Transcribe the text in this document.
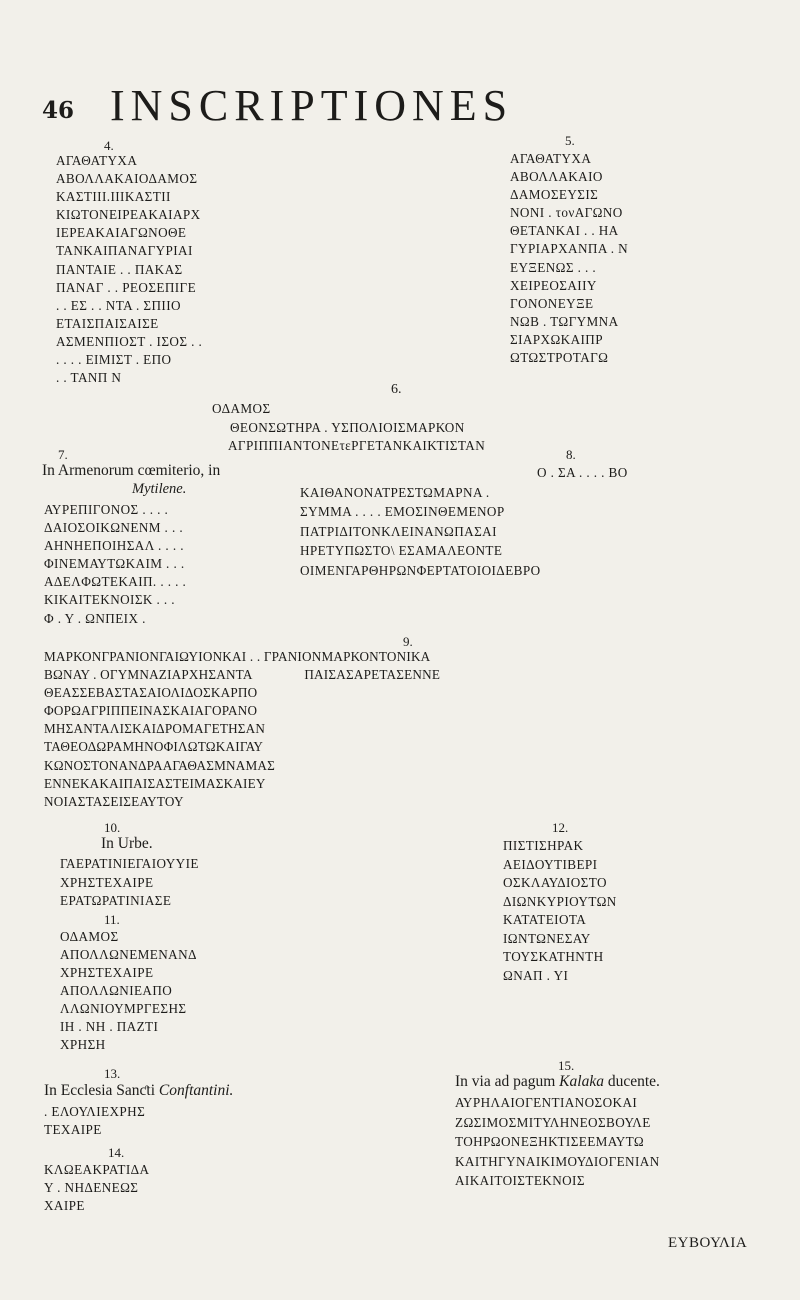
46 INSCRIPTIONES
4.
ΑΓΑΘΑΤΥΧΑ
ΑΒΟΛΛΑΚΑΙΟΔΑΜΟΣ
ΚΑΣΤΙΙΙ.ΙΙΙΚΑΣΤΙΙ
ΚΙΩΤΟΝΕΙΡΕΑΚΑΙΑΡΧ
ΙΕΡΕΑΚΑΙΑΓΩΝΟΘΕ
ΤΑΝΚΑΙΠΑΝΑΓΥΡΙΑΙ
ΠΑΝΤΑΙΕ . . ΠΑΚΑΣ
ΠΑΝΑΓ . . ΡΕΟΣΕΠΙΓΕ
. . ΕΣ . . ΝΤΑ . ΣΠΙΙΟ
ΕΤΑΙΣΠΑΙΣΑΙΣΕ
ΑΣΜΕΝΠΙΟΣΤ . ΙΣΟΣ . .
. . . . ΕΙΜΙΣΤ . ΕΠΟ
. . ΤΑΝΠ Ν
5.
ΑΓΑΘΑΤΥΧΑ
ΑΒΟΛΛΑΚΑΙΟ
ΔΑΜΟΣΕΥΣΙΣ
ΝΟΝΙ . τονΑΓΩΝΟ
ΘΕΤΑΝΚΑΙ . . ΗΑ
ΓΥΡΙΑΡΧΑΝΠΑ . Ν
ΕΥΞΕΝΩΣ . . .
ΧΕΙΡΕΟΣΑΙΙΥ
ΓΟΝΟΝΕΥΞΕ
ΝΩΒ . ΤΩΓΥΜΝΑ
ΣΙΑΡΧΩΚΑΙΠΡ
ΩΤΩΣΤΡΟΤΑΓΩ
6.
ΟΔΑΜΟΣ
ΘΕΟΝΣΩΤΗΡΑ . ΥΣΠΟΛΙΟΙΣΜΑΡΚΟΝ
ΑΓΡΙΠΠΙΑΝΤΟΝΕτεΡΓΕΤΑΝΚΑΙΚΤΙΣΤΑΝ
7.
In Armenorum cœmiterio, in
Mytilene.
ΑΥΡΕΠΙΓΟΝΟΣ . . . .
ΔΑΙΟΣΟΙΚΩΝΕΝΜ . . .
ΑΗΝΗΕΠΟΙΗΣΑΛ . . . .
ΦΙΝΕΜΑΥΤΩΚΑΙΜ . . .
ΑΔΕΛΦΩΤΕΚΑΙΠ. . . . .
ΚΙΚΑΙΤΕΚΝΟΙΣΚ . . .
Φ . Υ . ΩΝΠΕΙΧ .
8.
Ο . ΣΑ . . . . ΒΟ
ΚΑΙΘΑΝΟΝΑΤΡΕΣΤΩΜΑΡΝΑ .
ΣΥΜΜΑ . . . . ΕΜΟΣΙΝΘΕΜΕΝΟΡ
ΠΑΤΡΙΔΙΤΟΝΚΛΕΙΝΑΝΩΠΑΣΑΙ
ΗΡΕΤΥΠΩΣΤΟ\ ΕΣΑΜΑΛΕΟΝΤΕ
ΟΙΜΕΝΓΑΡΘΗΡΩΝΦΕΡΤΑΤΟΙΟΙΔΕΒΡΟ
9.
ΜΑΡΚΟΝΓΡΑΝΙΟΝΓΑΙΩΥΙΟΝΚΑΙ . . ΓΡΑΝΙΟΝΜΑΡΚΟΝΤΟΝΙΚΑ
ΒΩΝΑΥ . ΟΓΥΜΝΑΖΙΑΡΧΗΣΑΝΤΑ               ΠΑΙΣΑΣΑΡΕΤΑΣΕΝΝΕ
ΘΕΑΣΣΕΒΑΣΤΑΣΑΙΟΛΙΔΟΣΚΑΡΠΟ
ΦΟΡΩΑΓΡΙΠΠΕΙΝΑΣΚΑΙΑΓΟΡΑΝΟ
ΜΗΣΑΝΤΑΛΙΣΚΑΙΔΡΟΜΑΓΕΤΗΣΑΝ
ΤΑΘΕΟΔΩΡΑΜΗΝΟΦΙΛΩΤΩΚΑΙΓΑΥ
ΚΩΝΟΣΤΟΝΑΝΔΡΑΑΓΑΘΑΣΜΝΑΜΑΣ
ΕΝΝΕΚΑΚΑΙΠΑΙΣΑΣΤΕΙΜΑΣΚΑΙΕΥ
ΝΟΙΑΣΤΑΣΕΙΣΕΑΥΤΟΥ
10.
In Urbe.
ΓΑΕΡΑΤΙΝΙΕΓΑΙΟΥΥΙΕ
ΧΡΗΣΤΕΧΑΙΡΕ
ΕΡΑΤΩΡΑΤΙΝΙΑΣΕ
11.
ΟΔΑΜΟΣ
ΑΠΟΛΛΩΝΕΜΕΝΑΝΔ
ΧΡΗΣΤΕΧΑΙΡΕ
ΑΠΟΛΛΩΝΙΕΑΠΟ
ΛΛΩΝΙΟΥΜΡΓΕΣΗΣ
ΙΗ . ΝΗ . ΠΑΖΤΙ
ΧΡΗΣΗ
12.
ΠΙΣΤΙΣΗΡΑΚ
ΑΕΙΔΟΥΤΙΒΕΡΙ
ΟΣΚΛΑΥΔΙΟΣΤΟ
ΔΙΩΝΚΥΡΙΟΥΤΩΝ
ΚΑΤΑΤΕΙΟΤΑ
ΙΩΝΤΩΝΕΣΑΥ
ΤΟΥΣΚΑΤΗΝΤΗ
ΩΝΑΠ . ΥΙ
13.
In Ecclesia Sanƈti Conftantini.
. ΕΛΟΥΛΙΕΧΡΗΣ
ΤΕΧΑΙΡΕ
14.
ΚΛΩΕΑΚΡΑΤΙΔΑ
Υ . ΝΗΔΕΝΕΩΣ
ΧΑΙΡΕ
15.
In via ad pagum Kalaka ducente.
ΑΥΡΗΛΑΙΟΓΕΝΤΙΑΝΟΣΟΚΑΙ
ΖΩΣΙΜΟΣΜΙΤΥΛΗΝΕΟΣΒΟΥΛΕ
ΤΟΗΡΩΟΝΕΞΗΚΤΙΣΕΕΜΑΥΤΩ
ΚΑΙΤΗΓΥΝΑΙΚΙΜΟΥΔΙΟΓΕΝΙΑΝ
ΑΙΚΑΙΤΟΙΣΤΕΚΝΟΙΣ
ΕΥΒΟΥΛΙΑ
